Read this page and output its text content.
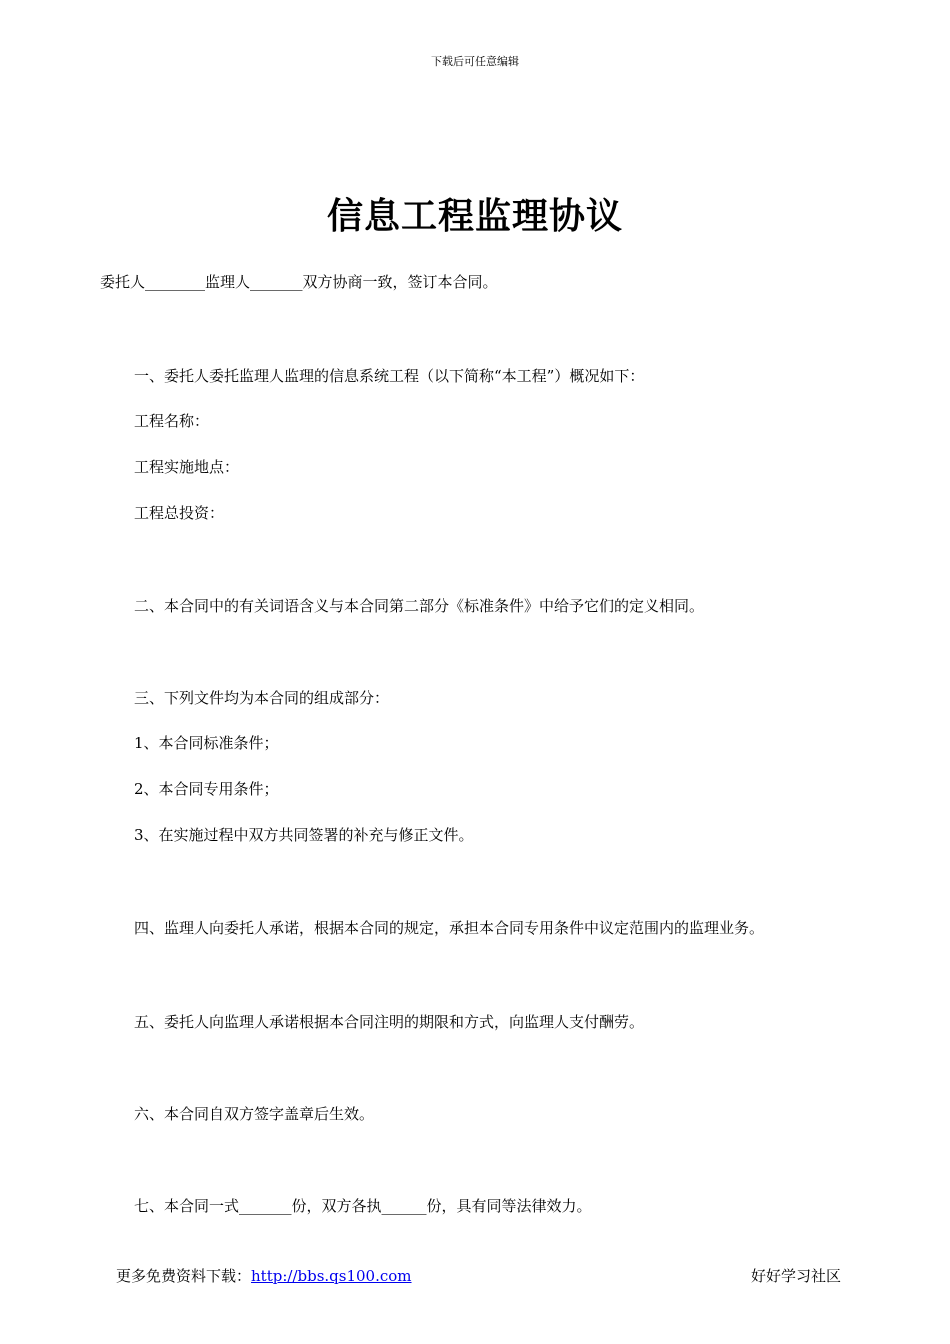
下载后可任意编辑
信息工程监理协议
委托人________监理人_______双方协商一致，签订本合同。
一、委托人委托监理人监理的信息系统工程（以下简称“本工程”）概况如下：
工程名称：
工程实施地点：
工程总投资：
二、本合同中的有关词语含义与本合同第二部分《标准条件》中给予它们的定义相同。
三、下列文件均为本合同的组成部分：
1、本合同标准条件；
2、本合同专用条件；
3、在实施过程中双方共同签署的补充与修正文件。
四、监理人向委托人承诺，根据本合同的规定，承担本合同专用条件中议定范围内的监理业务。
五、委托人向监理人承诺根据本合同注明的期限和方式，向监理人支付酬劳。
六、本合同自双方签字盖章后生效。
七、本合同一式_______份，双方各执______份，具有同等法律效力。
更多免费资料下载：http://bbs.qs100.com	好好学习社区
